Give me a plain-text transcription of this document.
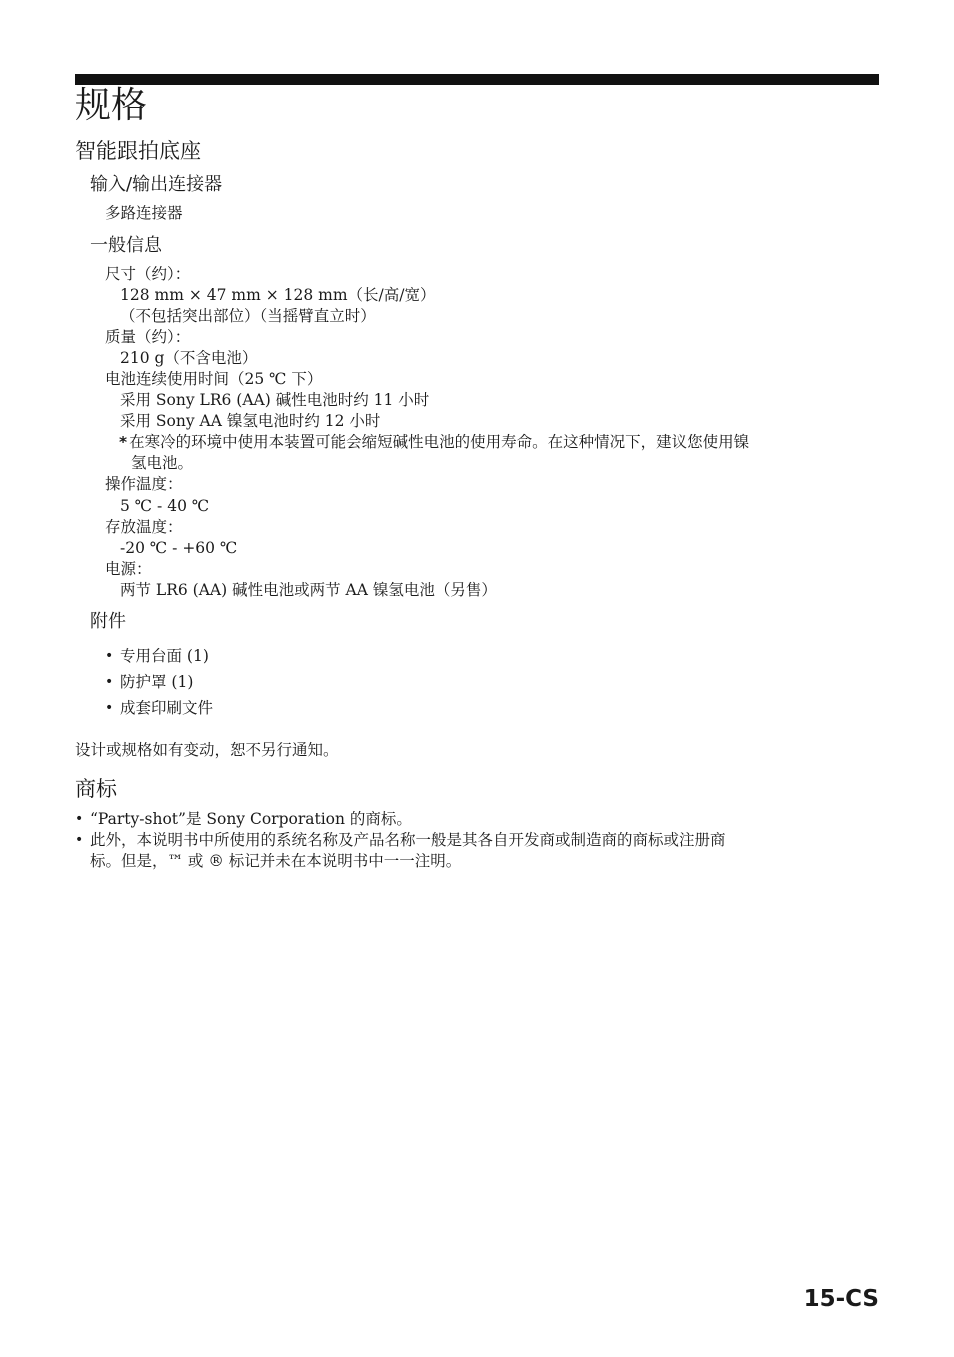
规格
智能跟拍底座
输入/输出连接器
多路连接器
一般信息
尺寸（约）：
128 mm × 47 mm × 128 mm（长/高/宽）
（不包括突出部位）（当摇臂直立时）
质量（约）：
210 g（不含电池）
电池连续使用时间（25 ℃ 下）
采用 Sony LR6 (AA) 碱性电池时约 11 小时
采用 Sony AA 镍氢电池时约 12 小时
* 在寒冷的环境中使用本装置可能会缩短碱性电池的使用寿命。在这种情况下，建议您使用镍
氢电池。
操作温度：
5 ℃ - 40 ℃
存放温度：
-20 ℃ - +60 ℃
电源：
两节 LR6 (AA) 碱性电池或两节 AA 镍氢电池（另售）
附件
• 专用台面 (1)
• 防护罩 (1)
• 成套印刷文件
设计或规格如有变动，恕不另行通知。
商标
• “Party-shot”是 Sony Corporation 的商标。
• 此外，本说明书中所使用的系统名称及产品名称一般是其各自开发商或制造商的商标或注册商
标。但是，™ 或 ® 标记并未在本说明书中一一注明。
15-CS
